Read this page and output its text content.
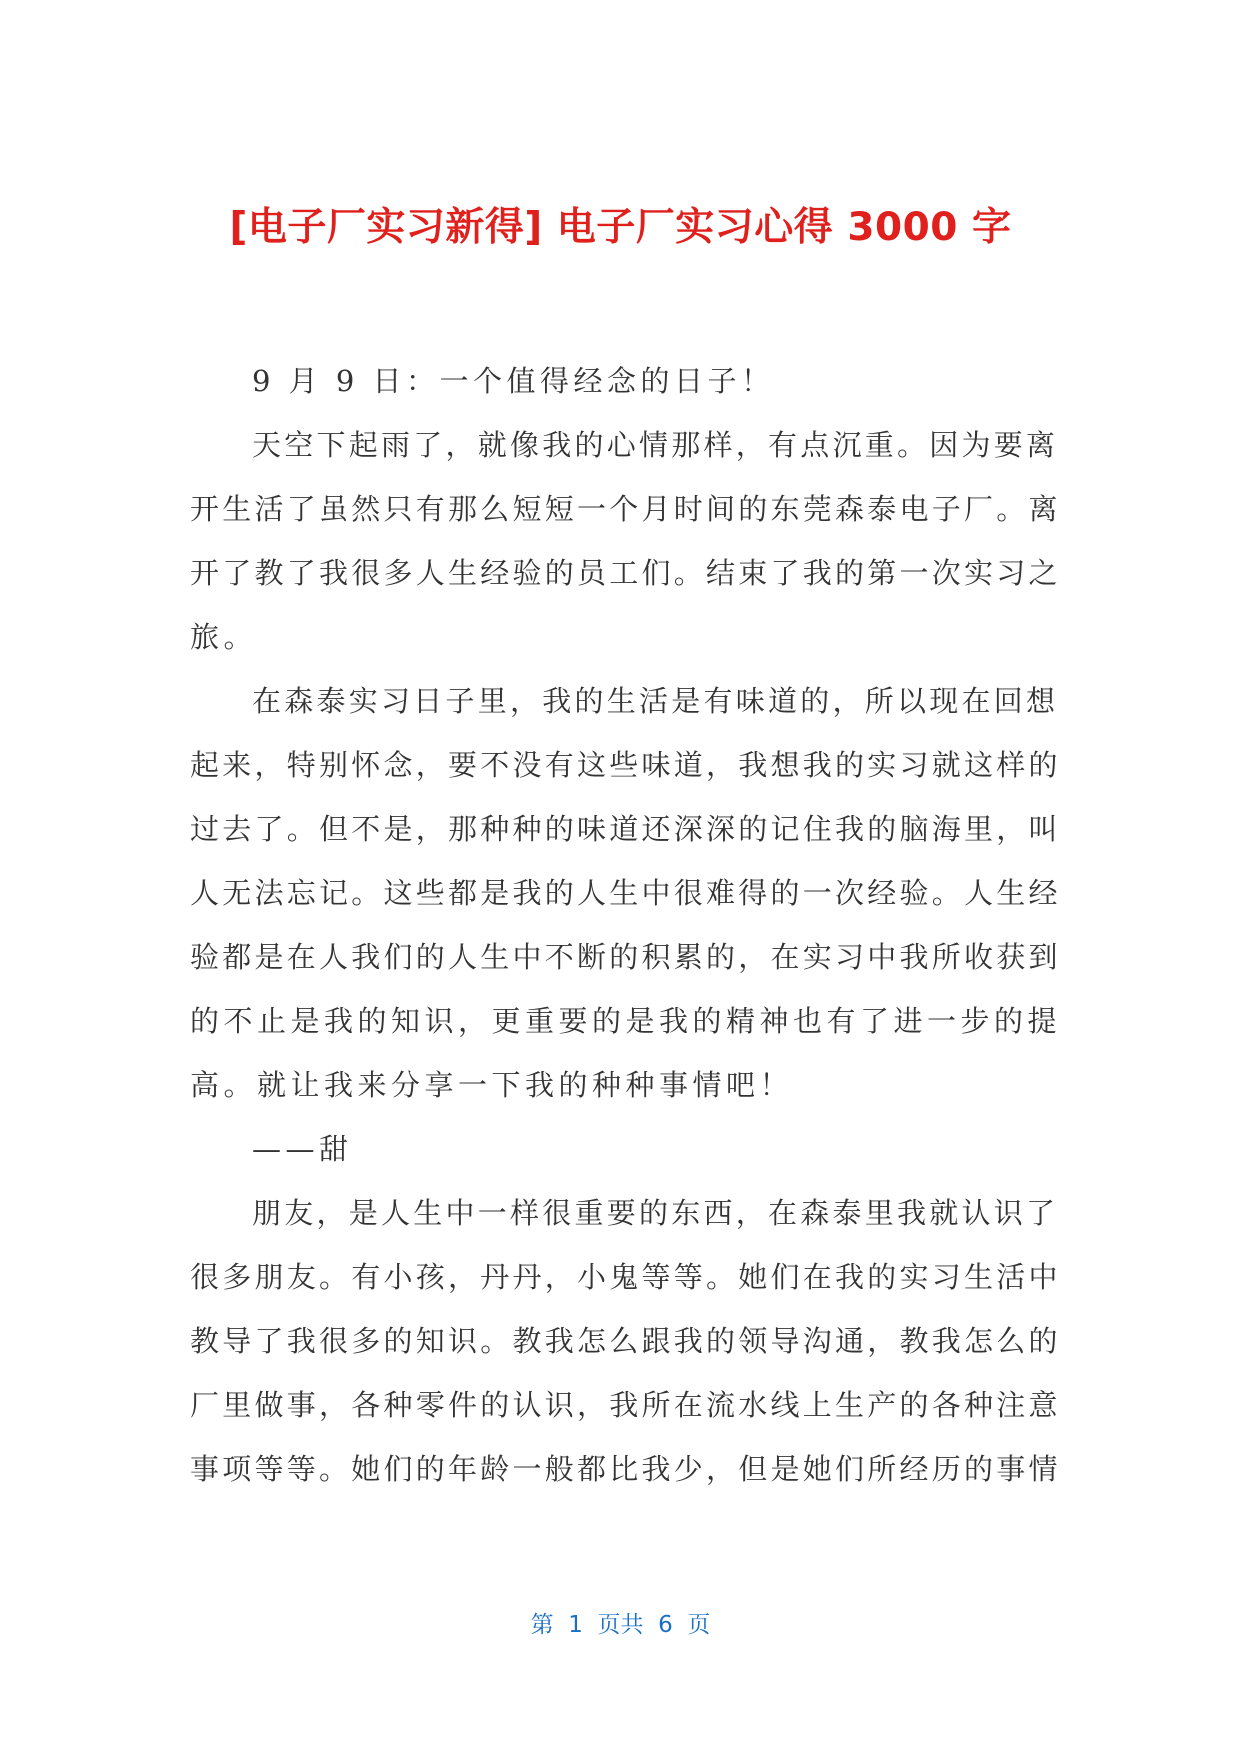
[电子厂实习新得] 电子厂实习心得 3000 字
9 月 9 日：一个值得经念的日子！
天空下起雨了，就像我的心情那样，有点沉重。因为要离
开生活了虽然只有那么短短一个月时间的东莞森泰电子厂。离
开了教了我很多人生经验的员工们。结束了我的第一次实习之
旅。
在森泰实习日子里，我的生活是有味道的，所以现在回想
起来，特别怀念，要不没有这些味道，我想我的实习就这样的
过去了。但不是，那种种的味道还深深的记住我的脑海里，叫
人无法忘记。这些都是我的人生中很难得的一次经验。人生经
验都是在人我们的人生中不断的积累的，在实习中我所收获到
的不止是我的知识，更重要的是我的精神也有了进一步的提
高。就让我来分享一下我的种种事情吧！
——甜
朋友，是人生中一样很重要的东西，在森泰里我就认识了
很多朋友。有小孩，丹丹，小鬼等等。她们在我的实习生活中
教导了我很多的知识。教我怎么跟我的领导沟通，教我怎么的
厂里做事，各种零件的认识，我所在流水线上生产的各种注意
事项等等。她们的年龄一般都比我少，但是她们所经历的事情
第  1  页共  6  页
